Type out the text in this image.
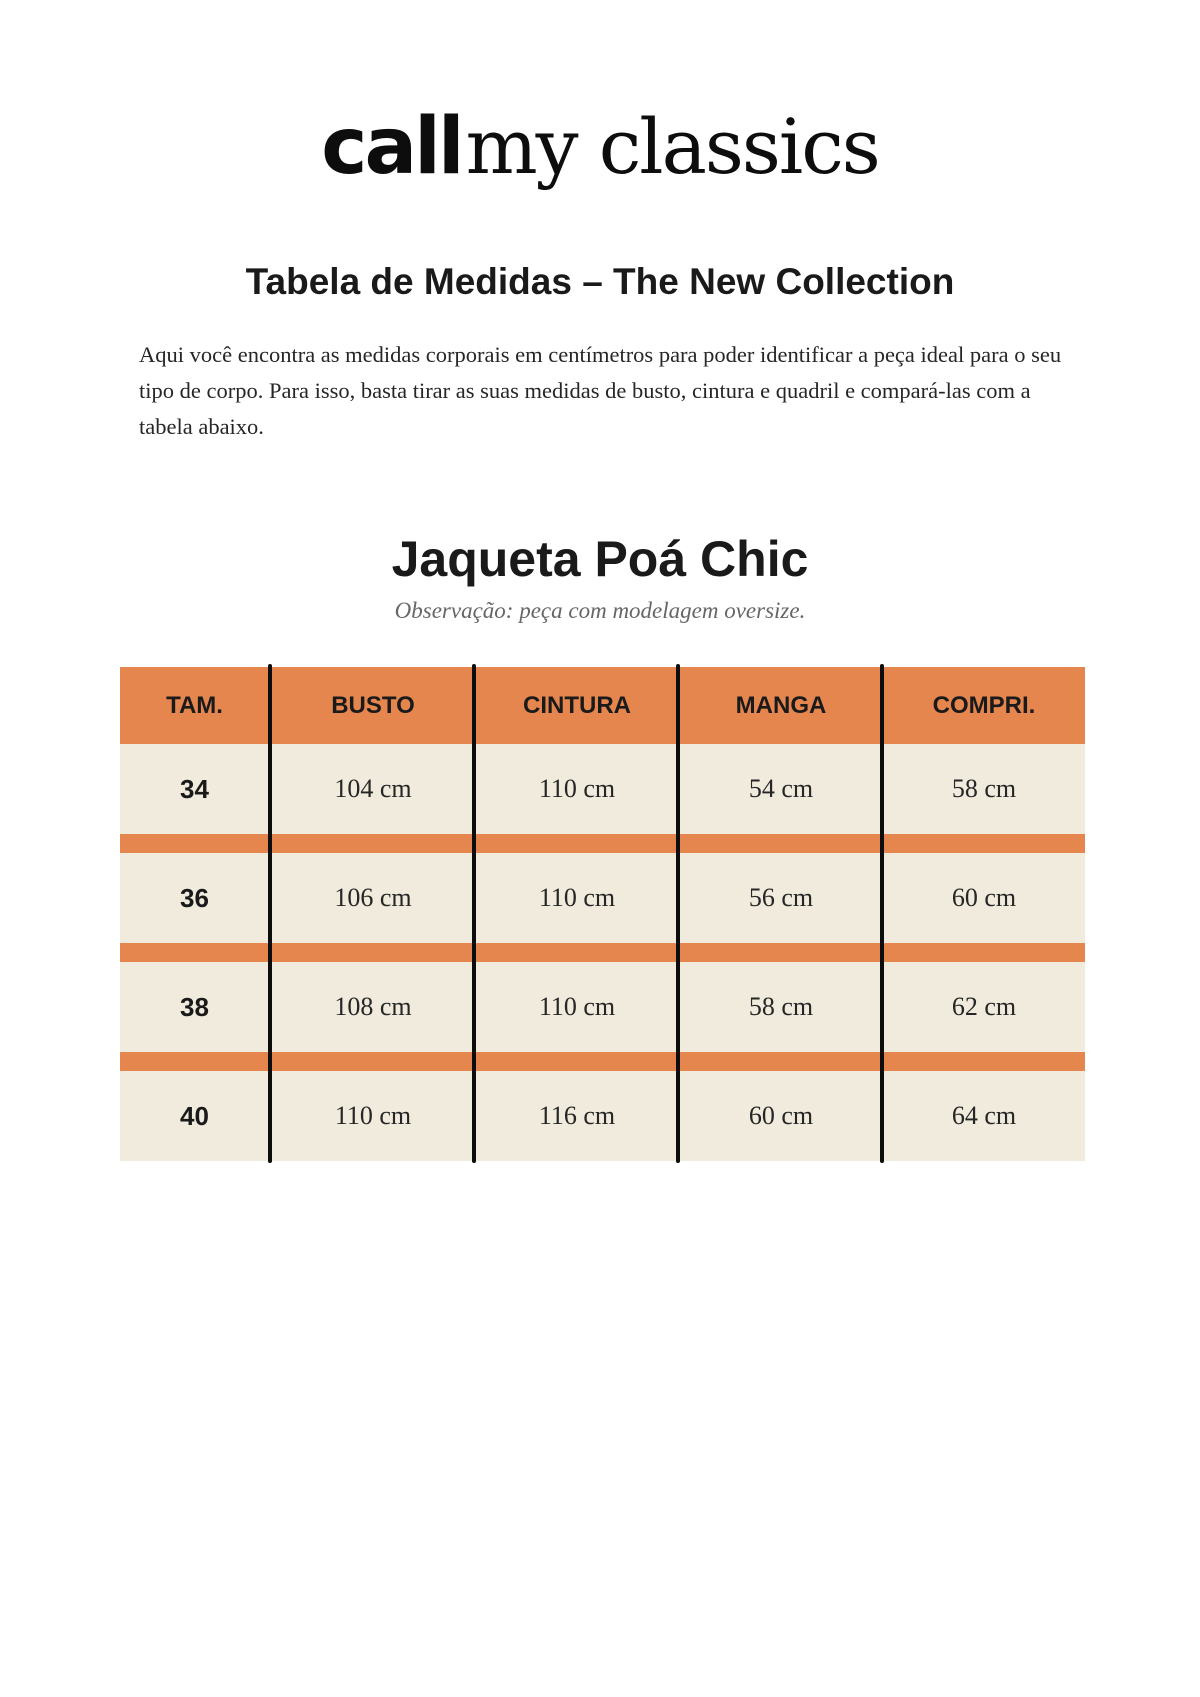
call my classics
Tabela de Medidas – The New Collection

Aqui você encontra as medidas corporais em centímetros para poder identificar a peça ideal para o seu tipo de corpo. Para isso, basta tirar as suas medidas de busto, cintura e quadril e compará-las com a tabela abaixo.

Jaqueta Poá Chic
Observação: peça com modelagem oversize.
TAM.	BUSTO	CINTURA	MANGA	COMPRI.
34	104 cm	110 cm	54 cm	58 cm
36	106 cm	110 cm	56 cm	60 cm
38	108 cm	110 cm	58 cm	62 cm
40	110 cm	116 cm	60 cm	64 cm
